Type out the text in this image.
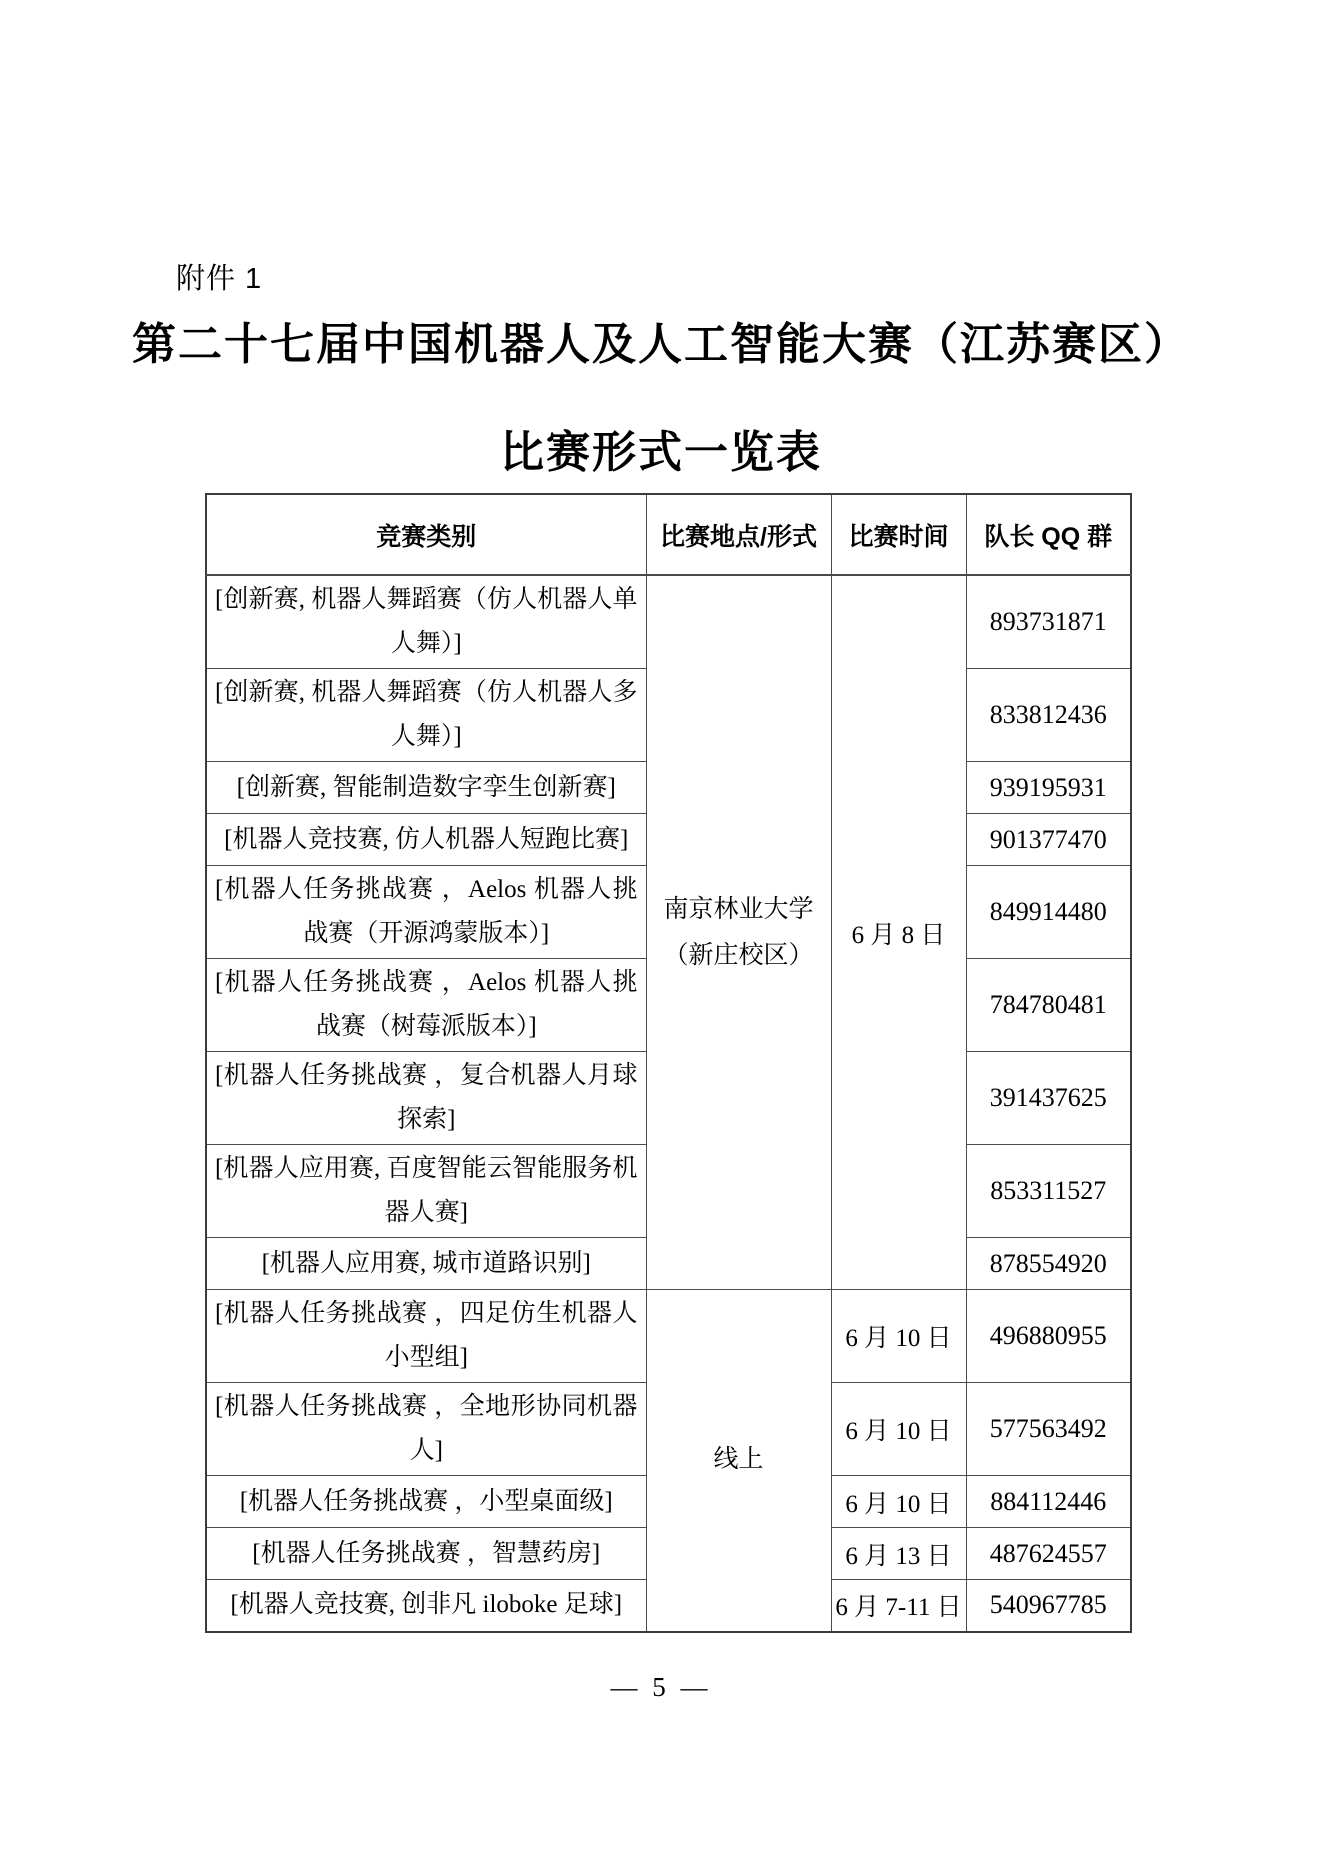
附件 1
第二十七届中国机器人及人工智能大赛（江苏赛区）
比赛形式一览表
竞赛类别	比赛地点/形式	比赛时间	队长 QQ 群
[创新赛, 机器人舞蹈赛（仿人机器人单人舞）]	南京林业大学（新庄校区）	6 月 8 日	893731871
[创新赛, 机器人舞蹈赛（仿人机器人多人舞）]			833812436
[创新赛, 智能制造数字孪生创新赛]			939195931
[机器人竞技赛, 仿人机器人短跑比赛]			901377470
[机器人任务挑战赛 ，Aelos 机器人挑战赛（开源鸿蒙版本）]			849914480
[机器人任务挑战赛 ，Aelos 机器人挑战赛（树莓派版本）]			784780481
[机器人任务挑战赛 ，复合机器人月球探索]			391437625
[机器人应用赛, 百度智能云智能服务机器人赛]			853311527
[机器人应用赛, 城市道路识别]			878554920
[机器人任务挑战赛 ，四足仿生机器人小型组]	线上	6 月 10 日	496880955
[机器人任务挑战赛 ，全地形协同机器人]		6 月 10 日	577563492
[机器人任务挑战赛 ，小型桌面级]		6 月 10 日	884112446
[机器人任务挑战赛 ，智慧药房]		6 月 13 日	487624557
[机器人竞技赛, 创非凡 iloboke 足球]		6 月 7-11 日	540967785
— 5 —
